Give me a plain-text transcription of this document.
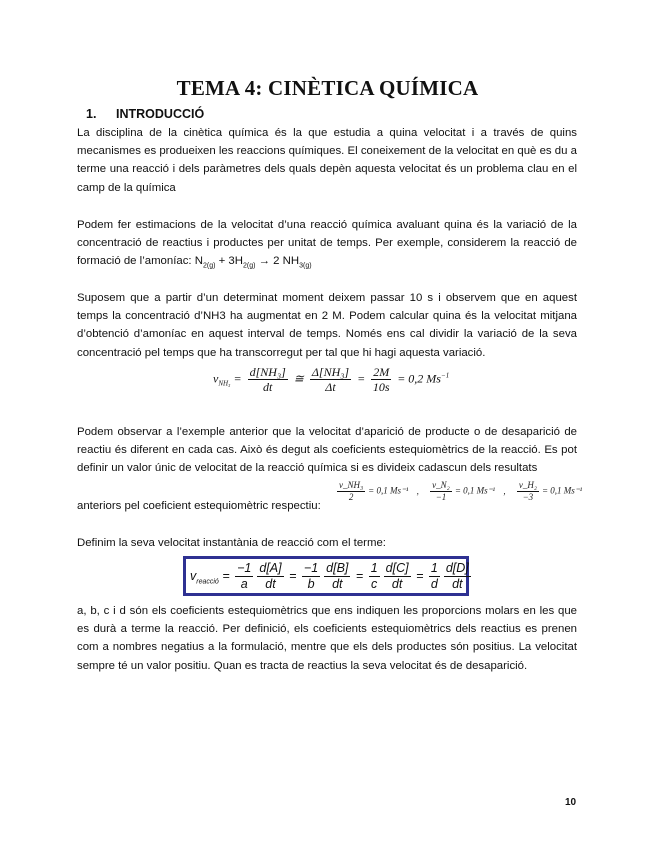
TEMA 4: CINÈTICA QUÍMICA
1. INTRODUCCIÓ
La disciplina de la cinètica química és la que estudia a quina velocitat i a través de quins mecanismes es produeixen les reaccions químiques. El coneixement de la velocitat en què es du a terme una reacció i dels paràmetres dels quals depèn aquesta velocitat és un problema clau en el camp de la química
Podem fer estimacions de la velocitat d’una reacció química avaluant quina és la variació de la concentració de reactius i productes per unitat de temps. Per exemple, considerem la reacció de formació de l’amoníac: $N_{2(g)} + 3H_{2(g)} \to 2$ $NH_{3(g)}$
Suposem que a partir d’un determinat moment deixem passar 10 s i observem que en aquest temps la concentració d’NH3 ha augmentat en 2 M. Podem calcular quina és la velocitat mitjana d’obtenció d’amoníac en aquest interval de temps. Només ens cal dividir la variació de la seva concentració pel temps que ha transcorregut per tal que hi hagi aquesta variació.
$v_{NH_3} = \frac{\text{d[NH₃]}}{dt}$ ≅ $\frac{\text{Δ[NH₃]}}{\Delta t} = \frac{2M}{10s} = 0,2$ $Ms^{-1}$
Podem observar a l’exemple anterior que la velocitat d’aparició de producte o de desaparició de reactiu és diferent en cada cas. Això és degut als coeficients estequiomètrics de la reacció. Es pot definir un valor únic de velocitat de la reacció química si es divideix cadascun dels resultats
anteriors pel coeficient estequiomètric respectiu:
$\frac{\text{v\_NH₃}}{2} = 0,1$ Ms⁻¹ , $\frac{\text{v\_N₂}}{-1} = 0,1$ Ms⁻¹ , $\frac{\text{v\_H₂}}{-3} = 0,1$ Ms⁻¹
Definim la seva velocitat instantània de reacció com el terme:
$v_{reacció} = \frac{-1}{a} \frac{d[A]}{dt} = \frac{-1}{b} \frac{d[B]}{dt} = \frac{1}{c} \frac{d[C]}{dt} = \frac{1}{d} \frac{d[D]}{dt}$
a, b, c i d són els coeficients estequiomètrics que ens indiquen les proporcions molars en les que es durà a terme la reacció. Per definició, els coeficients estequiomètrics dels reactius es prenen com a nombres negatius a la formulació, mentre que els dels productes són positius. La velocitat sempre té un valor positiu. Quan es tracta de reactius la seva velocitat és de desaparició.
10
